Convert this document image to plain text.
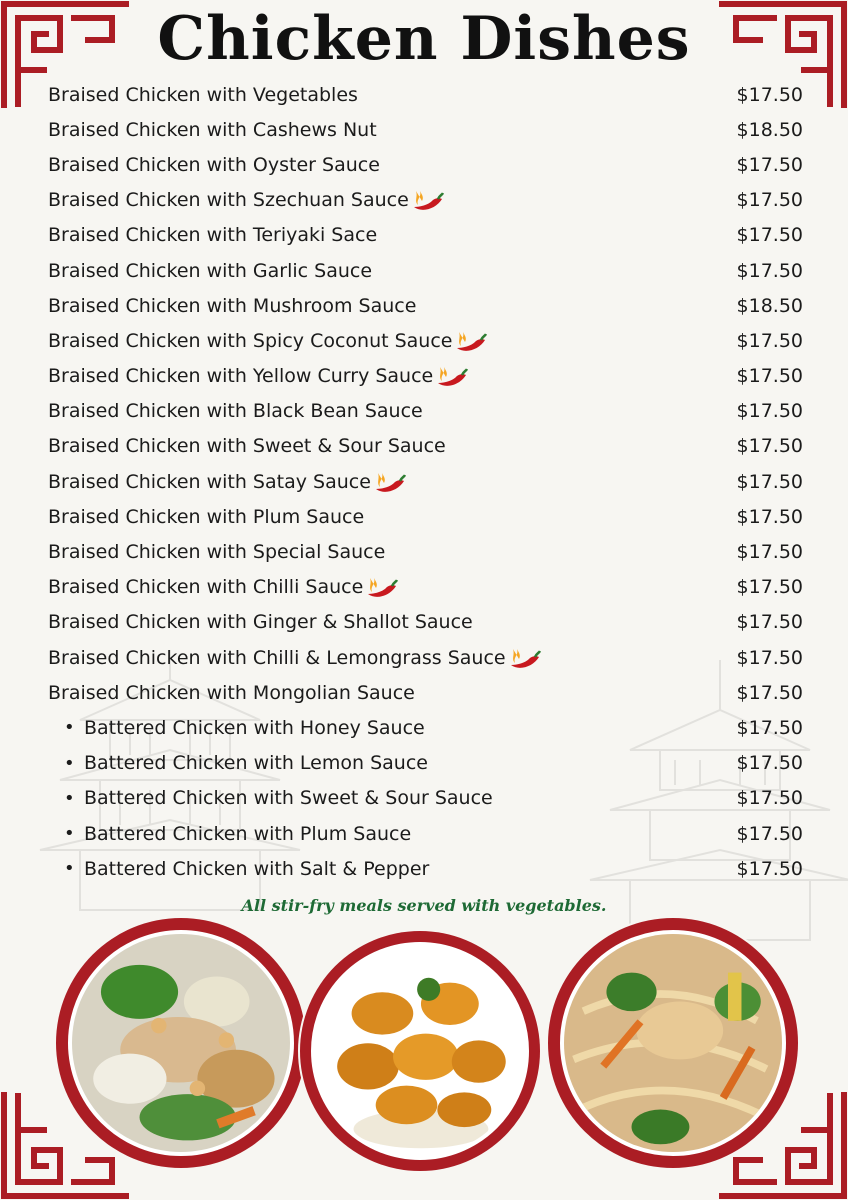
Chicken Dishes
Braised Chicken with Vegetables	$17.50
Braised Chicken with Cashews Nut	$18.50
Braised Chicken with Oyster Sauce	$17.50
Braised Chicken with Szechuan Sauce	$17.50
Braised Chicken with Teriyaki Sace	$17.50
Braised Chicken with Garlic Sauce	$17.50
Braised Chicken with Mushroom Sauce	$18.50
Braised Chicken with Spicy Coconut Sauce	$17.50
Braised Chicken with Yellow Curry Sauce	$17.50
Braised Chicken with Black Bean Sauce	$17.50
Braised Chicken with Sweet & Sour Sauce	$17.50
Braised Chicken with Satay Sauce	$17.50
Braised Chicken with Plum Sauce	$17.50
Braised Chicken with Special Sauce	$17.50
Braised Chicken with Chilli Sauce	$17.50
Braised Chicken with Ginger & Shallot Sauce	$17.50
Braised Chicken with Chilli & Lemongrass Sauce	$17.50
Braised Chicken with Mongolian Sauce	$17.50
• Battered Chicken with Honey Sauce	$17.50
• Battered Chicken with Lemon Sauce	$17.50
• Battered Chicken with Sweet & Sour Sauce	$17.50
• Battered Chicken with Plum Sauce	$17.50
• Battered Chicken with Salt & Pepper	$17.50
All stir-fry meals served with vegetables.
